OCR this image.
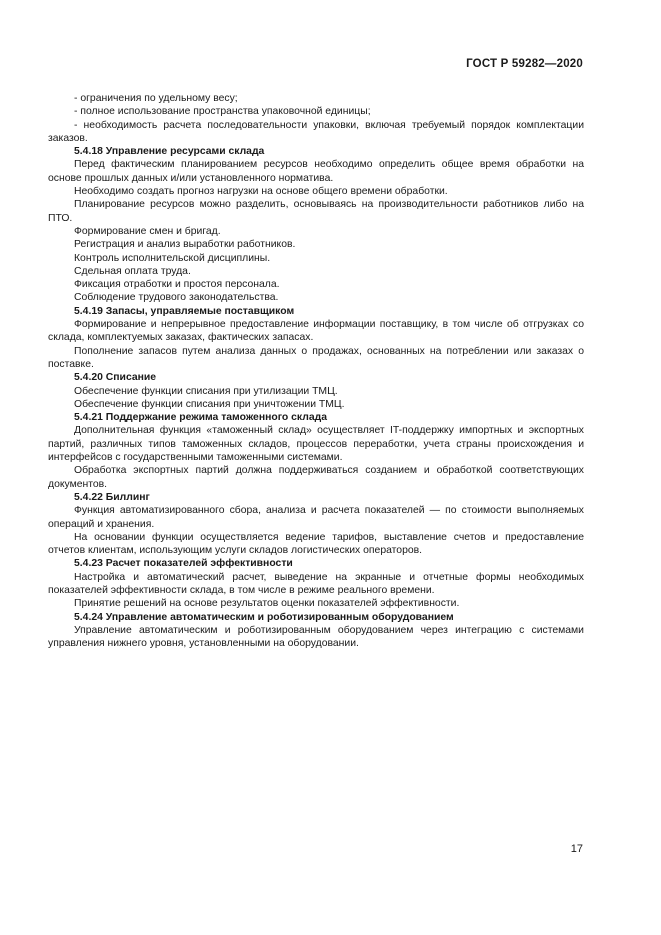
ГОСТ Р 59282—2020

- ограничения по удельному весу;

- полное использование пространства упаковочной единицы;

- необходимость расчета последовательности упаковки, включая требуемый порядок комплектации заказов.

5.4.18 Управление ресурсами склада

Перед фактическим планированием ресурсов необходимо определить общее время обработки на основе прошлых данных и/или установленного норматива.

Необходимо создать прогноз нагрузки на основе общего времени обработки.

Планирование ресурсов можно разделить, основываясь на производительности работников либо на ПТО.

Формирование смен и бригад.

Регистрация и анализ выработки работников.

Контроль исполнительской дисциплины.

Сдельная оплата труда.

Фиксация отработки и простоя персонала.

Соблюдение трудового законодательства.

5.4.19 Запасы, управляемые поставщиком

Формирование и непрерывное предоставление информации поставщику, в том числе об отгрузках со склада, комплектуемых заказах, фактических запасах.

Пополнение запасов путем анализа данных о продажах, основанных на потреблении или заказах о поставке.

5.4.20 Списание

Обеспечение функции списания при утилизации ТМЦ.

Обеспечение функции списания при уничтожении ТМЦ.

5.4.21 Поддержание режима таможенного склада

Дополнительная функция «таможенный склад» осуществляет IT-поддержку импортных и экспортных партий, различных типов таможенных складов, процессов переработки, учета страны происхождения и интерфейсов с государственными таможенными системами.

Обработка экспортных партий должна поддерживаться созданием и обработкой соответствующих документов.

5.4.22 Биллинг

Функция автоматизированного сбора, анализа и расчета показателей — по стоимости выполняемых операций и хранения.

На основании функции осуществляется ведение тарифов, выставление счетов и предоставление отчетов клиентам, использующим услуги складов логистических операторов.

5.4.23 Расчет показателей эффективности

Настройка и автоматический расчет, выведение на экранные и отчетные формы необходимых показателей эффективности склада, в том числе в режиме реального времени.

Принятие решений на основе результатов оценки показателей эффективности.

5.4.24 Управление автоматическим и роботизированным оборудованием

Управление автоматическим и роботизированным оборудованием через интеграцию с системами управления нижнего уровня, установленными на оборудовании.

17
